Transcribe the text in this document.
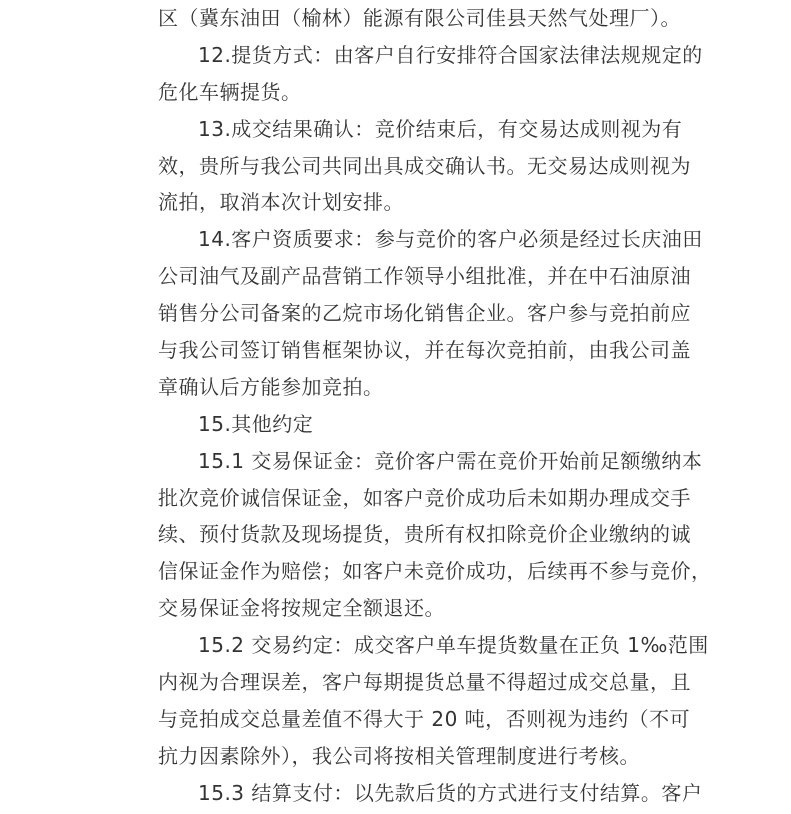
区（冀东油田（榆林）能源有限公司佳县天然气处理厂）。
12.提货方式：由客户自行安排符合国家法律法规规定的
危化车辆提货。
13.成交结果确认：竞价结束后，有交易达成则视为有
效，贵所与我公司共同出具成交确认书。无交易达成则视为
流拍，取消本次计划安排。
14.客户资质要求：参与竞价的客户必须是经过长庆油田
公司油气及副产品营销工作领导小组批准，并在中石油原油
销售分公司备案的乙烷市场化销售企业。客户参与竞拍前应
与我公司签订销售框架协议，并在每次竞拍前，由我公司盖
章确认后方能参加竞拍。
15.其他约定
15.1 交易保证金：竞价客户需在竞价开始前足额缴纳本
批次竞价诚信保证金，如客户竞价成功后未如期办理成交手
续、预付货款及现场提货，贵所有权扣除竞价企业缴纳的诚
信保证金作为赔偿；如客户未竞价成功，后续再不参与竞价，
交易保证金将按规定全额退还。
15.2 交易约定：成交客户单车提货数量在正负 1‰范围
内视为合理误差，客户每期提货总量不得超过成交总量，且
与竞拍成交总量差值不得大于 20 吨，否则视为违约（不可
抗力因素除外），我公司将按相关管理制度进行考核。
15.3 结算支付：以先款后货的方式进行支付结算。客户
